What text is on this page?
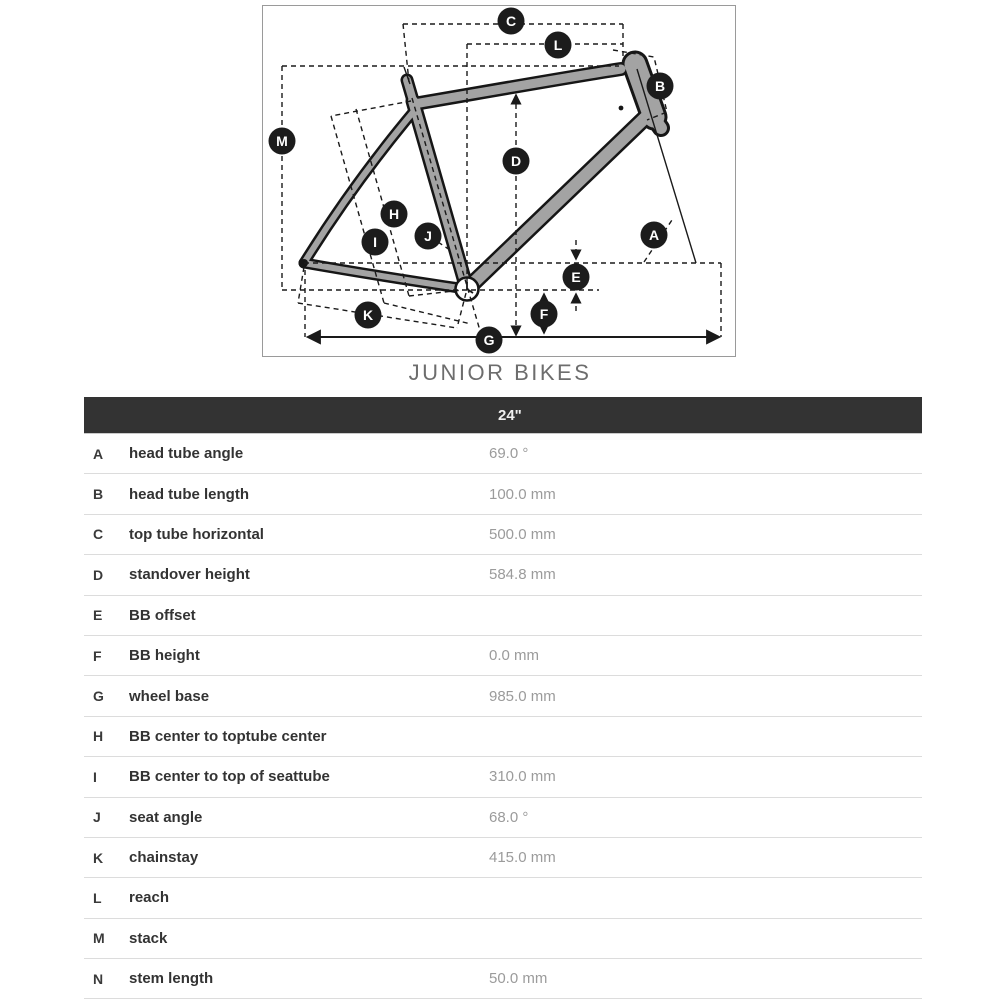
C
L
B
M
D
H
I	J	A
E
K	F
G
JUNIOR BIKES
24"
A	head tube angle	69.0 °
B	head tube length	100.0 mm
C	top tube horizontal	500.0 mm
D	standover height	584.8 mm
E	BB offset
F	BB height	0.0 mm
G	wheel base	985.0 mm
H	BB center to toptube center
I	BB center to top of seattube	310.0 mm
J	seat angle	68.0 °
K	chainstay	415.0 mm
L	reach
M	stack
N	stem length	50.0 mm
